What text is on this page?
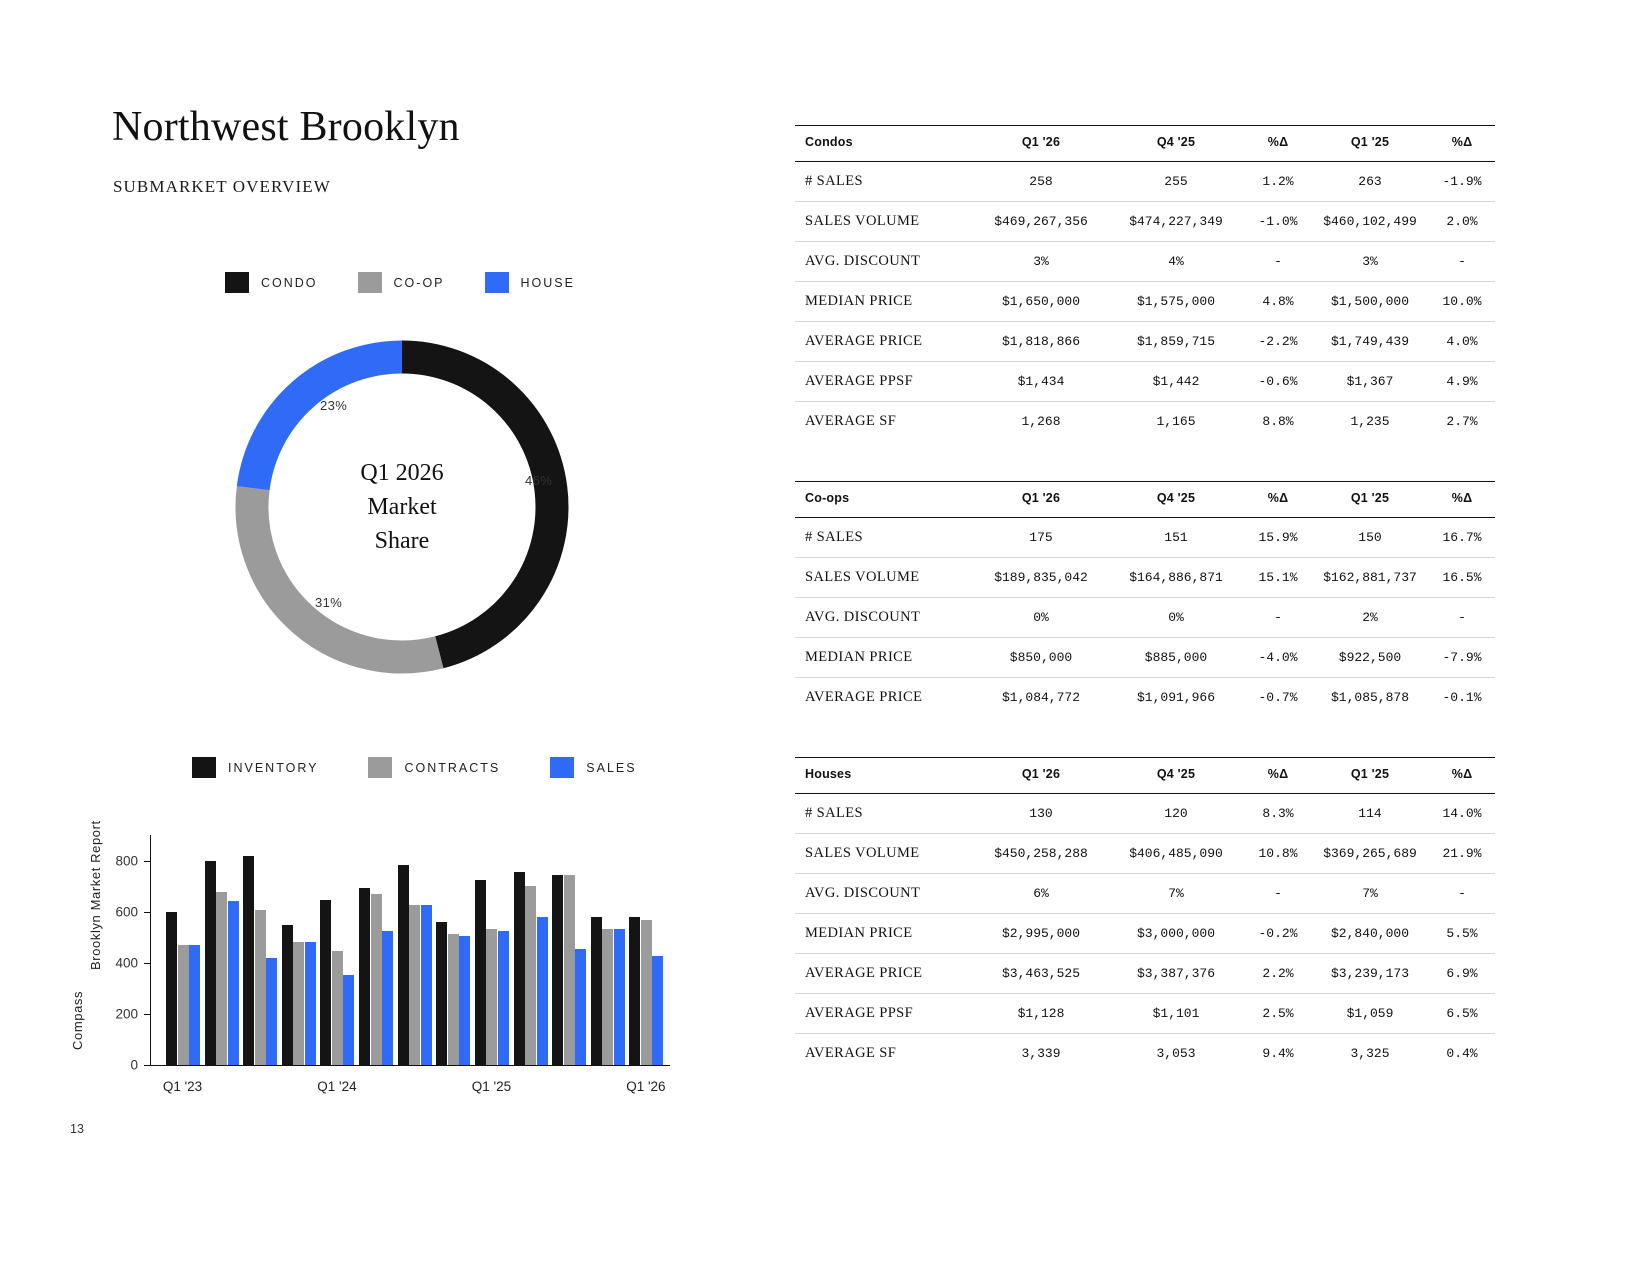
Northwest Brooklyn
SUBMARKET OVERVIEW
CONDO	CO-OP	HOUSE
Q1 2026
Market
Share
46%
31%
23%
INVENTORY	CONTRACTS	SALES
Compass
Brooklyn Market Report
0
200
400
600
800
Q1 '23	Q1 '24	Q1 '25	Q1 '26
13
Condos	Q1 '26	Q4 '25	%Δ	Q1 '25	%Δ
# SALES	258	255	1.2%	263	-1.9%
SALES VOLUME	$469,267,356	$474,227,349	-1.0%	$460,102,499	2.0%
AVG. DISCOUNT	3%	4%	-	3%	-
MEDIAN PRICE	$1,650,000	$1,575,000	4.8%	$1,500,000	10.0%
AVERAGE PRICE	$1,818,866	$1,859,715	-2.2%	$1,749,439	4.0%
AVERAGE PPSF	$1,434	$1,442	-0.6%	$1,367	4.9%
AVERAGE SF	1,268	1,165	8.8%	1,235	2.7%
Co-ops	Q1 '26	Q4 '25	%Δ	Q1 '25	%Δ
# SALES	175	151	15.9%	150	16.7%
SALES VOLUME	$189,835,042	$164,886,871	15.1%	$162,881,737	16.5%
AVG. DISCOUNT	0%	0%	-	2%	-
MEDIAN PRICE	$850,000	$885,000	-4.0%	$922,500	-7.9%
AVERAGE PRICE	$1,084,772	$1,091,966	-0.7%	$1,085,878	-0.1%
Houses	Q1 '26	Q4 '25	%Δ	Q1 '25	%Δ
# SALES	130	120	8.3%	114	14.0%
SALES VOLUME	$450,258,288	$406,485,090	10.8%	$369,265,689	21.9%
AVG. DISCOUNT	6%	7%	-	7%	-
MEDIAN PRICE	$2,995,000	$3,000,000	-0.2%	$2,840,000	5.5%
AVERAGE PRICE	$3,463,525	$3,387,376	2.2%	$3,239,173	6.9%
AVERAGE PPSF	$1,128	$1,101	2.5%	$1,059	6.5%
AVERAGE SF	3,339	3,053	9.4%	3,325	0.4%
